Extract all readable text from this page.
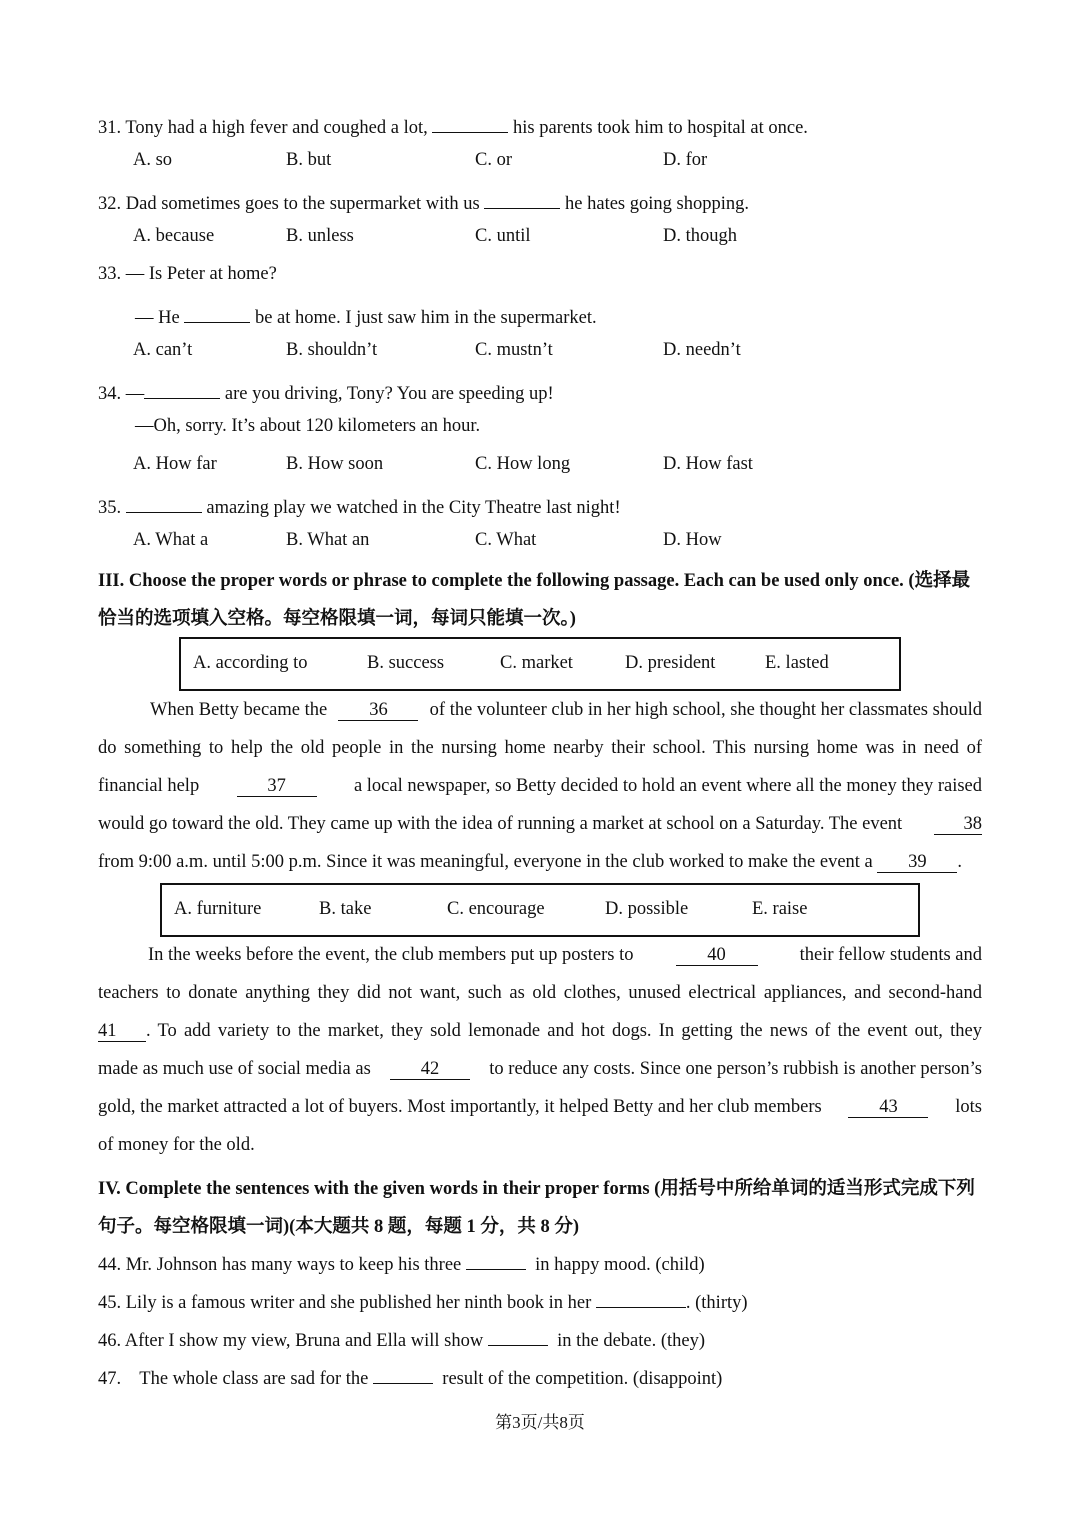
31. Tony had a high fever and coughed a lot,	his parents took him to hospital at once.
A. so	B. but	C. or	D. for
32. Dad sometimes goes to the supermarket with us	he hates going shopping.
A. because	B. unless	C. until	D. though
33. — Is Peter at home?
— He	be at home. I just saw him in the supermarket.
A. can’t	B. shouldn’t	C. mustn’t	D. needn’t
34. —	are you driving, Tony? You are speeding up!
—Oh, sorry. It’s about 120 kilometers an hour.
A. How far	B. How soon	C. How long	D. How fast
35.	amazing play we watched in the City Theatre last night!
A. What a	B. What an	C. What	D. How
III. Choose the proper words or phrase to complete the following passage. Each can be used only once. (选择最恰当的选项填入空格。每空格限填一词，每词只能填一次。)
A. according to	B. success	C. market	D. president	E. lasted
When Betty became the	36	of the volunteer club in her high school, she thought her classmates should
do something to help the old people in the nursing home nearby their school. This nursing home was in need of
financial help	37	a local newspaper, so Betty decided to hold an event where all the money they raised
would go toward the old. They came up with the idea of running a market at school on a Saturday. The event	38
from 9:00 a.m. until 5:00 p.m. Since it was meaningful, everyone in the club worked to make the event a 39 .
A. furniture	B. take	C. encourage	D. possible	E. raise
In the weeks before the event, the club members put up posters to	40	their fellow students and
teachers to donate anything they did not want, such as old clothes, unused electrical appliances, and second-hand
41	. To add variety to the market, they sold lemonade and hot dogs. In getting the news of the event out, they
made as much use of social media as	42	to reduce any costs. Since one person’s rubbish is another person’s
gold, the market attracted a lot of buyers. Most importantly, it helped Betty and her club members	43	lots
of money for the old.
IV. Complete the sentences with the given words in their proper forms (用括号中所给单词的适当形式完成下列句子。每空格限填一词)(本大题共 8 题，每题 1 分，共 8 分)
44. Mr. Johnson has many ways to keep his three	in happy mood. (child)
45. Lily is a famous writer and she published her ninth book in her	. (thirty)
46. After I show my view, Bruna and Ella will show	in the debate. (they)
47. The whole class are sad for the	result of the competition. (disappoint)
第3页/共8页
